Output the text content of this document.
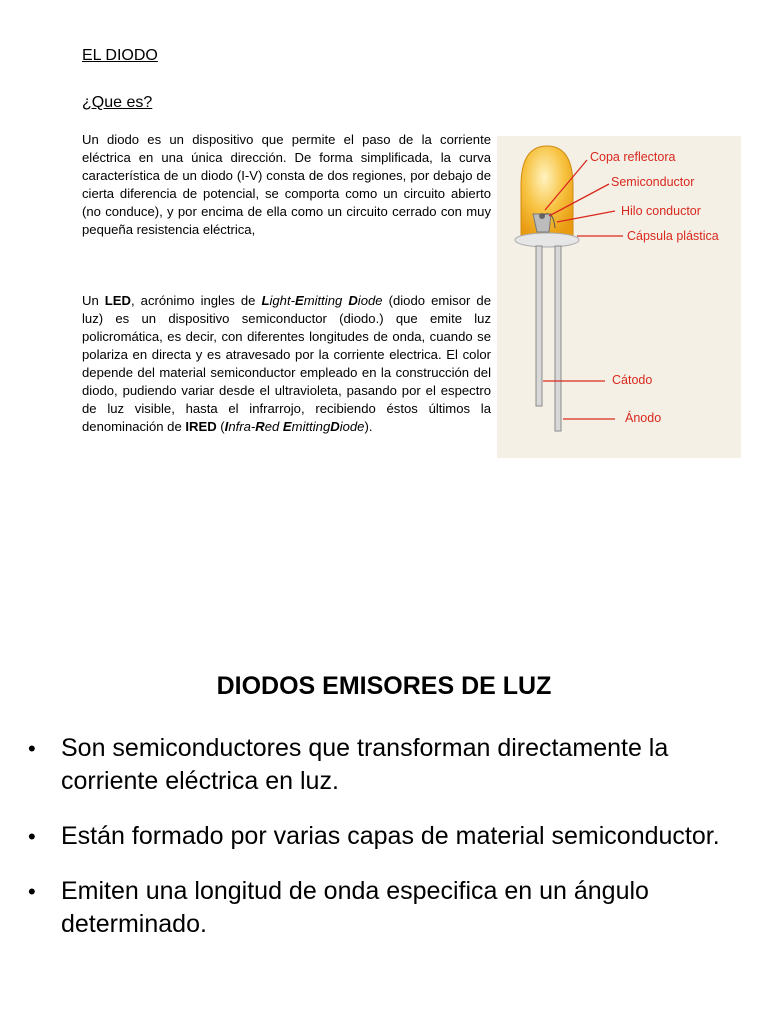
EL DIODO
¿Que es?
Un diodo es un dispositivo que permite el paso de la corriente eléctrica en una única dirección. De forma simplificada, la curva característica de un diodo (I-V) consta de dos regiones, por debajo de cierta diferencia de potencial, se comporta como un circuito abierto (no conduce), y por encima de ella como un circuito cerrado con muy pequeña resistencia eléctrica,
Un LED, acrónimo ingles de Light-Emitting Diode (diodo emisor de luz) es un dispositivo semiconductor (diodo.) que emite luz policromática, es decir, con diferentes longitudes de onda, cuando se polariza en directa y es atravesado por la corriente electrica. El color depende del material semiconductor empleado en la construcción del diodo, pudiendo variar desde el ultravioleta, pasando por el espectro de luz visible, hasta el infrarrojo, recibiendo éstos últimos la denominación de IRED (Infra-Red EmittingDiode).
Copa reflectora
Semiconductor
Hilo conductor
Cápsula plástica
Cátodo
Ánodo
DIODOS EMISORES DE LUZ
• Son semiconductores que transforman directamente la corriente eléctrica en luz.
• Están formado por varias capas de material semiconductor.
• Emiten una longitud de onda especifica en un ángulo determinado.
